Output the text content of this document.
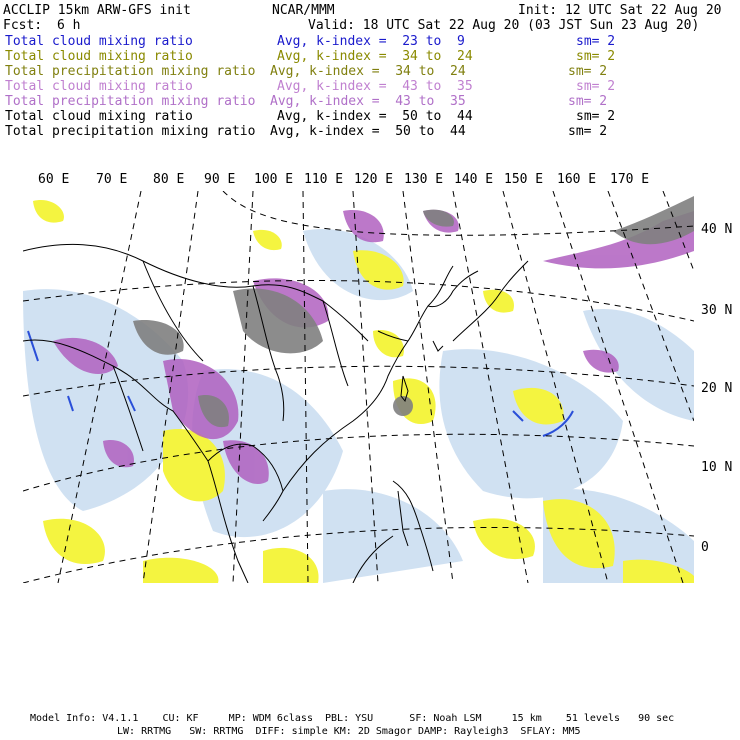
ACCLIP 15km ARW-GFS init	NCAR/MMM	Init: 12 UTC Sat 22 Aug 20
Fcst: 6 h	Valid: 18 UTC Sat 22 Aug 20 (03 JST Sun 23 Aug 20)
Total cloud mixing ratio	Avg, k-index =  23 to  9	sm= 2
Total cloud mixing ratio	Avg, k-index =  34 to  24	sm= 2
Total precipitation mixing ratio Avg, k-index =  34 to  24	sm= 2
Total cloud mixing ratio	Avg, k-index =  43 to  35	sm= 2
Total precipitation mixing ratio Avg, k-index =  43 to  35	sm= 2
Total cloud mixing ratio	Avg, k-index =  50 to  44	sm= 2
Total precipitation mixing ratio Avg, k-index =  50 to  44	sm= 2
60 E 70 E 80 E 90 E 100 E 110 E 120 E 130 E 140 E 150 E 160 E 170 E
40 N
30 N
20 N
10 N
0
Model Info: V4.1.1    CU: KF     MP: WDM 6class  PBL: YSU      SF: Noah LSM     15 km    51 levels   90 sec
LW: RRTMG   SW: RRTMG  DIFF: simple KM: 2D Smagor DAMP: Rayleigh3  SFLAY: MM5
